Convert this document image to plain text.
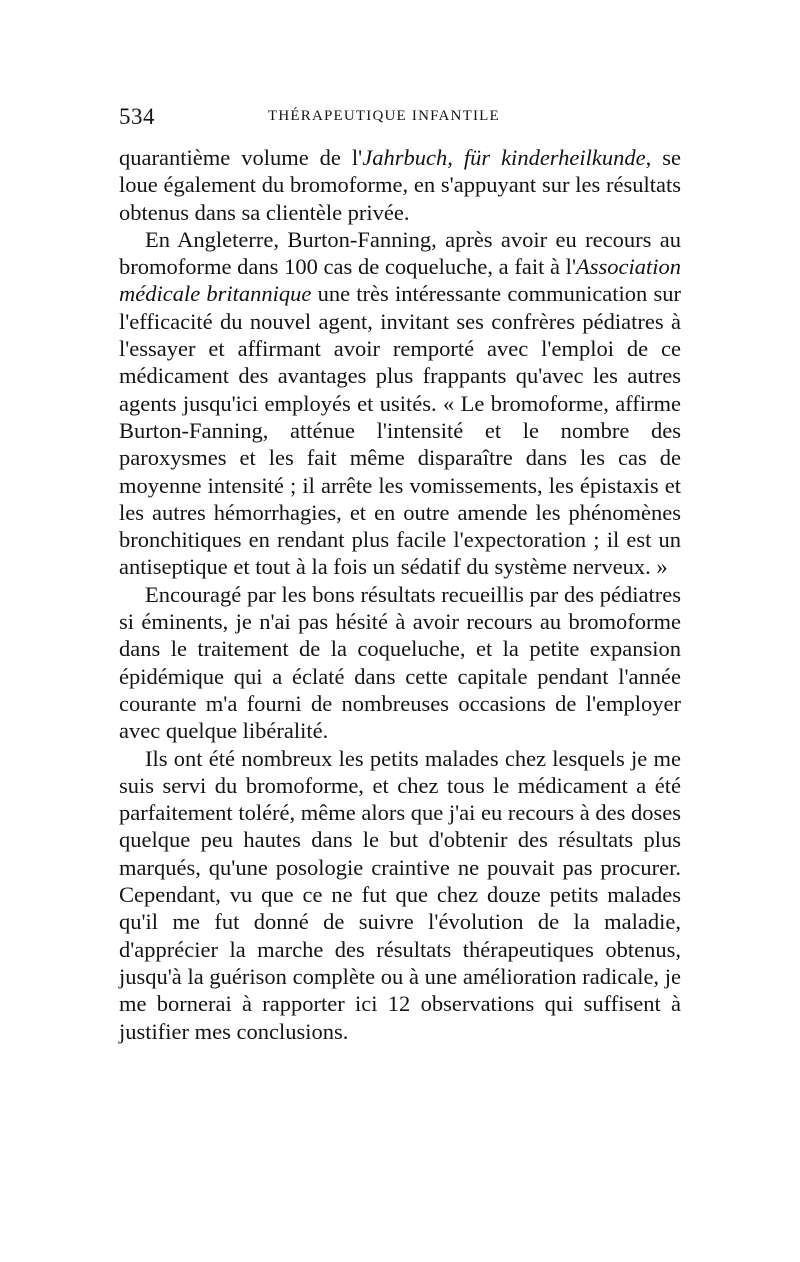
534	THÉRAPEUTIQUE INFANTILE

quarantième volume de l'Jahrbuch, für kinderheilkunde, se loue également du bromoforme, en s'appuyant sur les résultats obtenus dans sa clientèle privée.

En Angleterre, Burton-Fanning, après avoir eu recours au bromoforme dans 100 cas de coqueluche, a fait à l'Association médicale britannique une très intéressante communication sur l'efficacité du nouvel agent, invitant ses confrères pédiatres à l'essayer et affirmant avoir remporté avec l'emploi de ce médicament des avantages plus frappants qu'avec les autres agents jusqu'ici employés et usités. « Le bromoforme, affirme Burton-Fanning, atténue l'intensité et le nombre des paroxysmes et les fait même disparaître dans les cas de moyenne intensité ; il arrête les vomissements, les épistaxis et les autres hémorrhagies, et en outre amende les phénomènes bronchitiques en rendant plus facile l'expectoration ; il est un antiseptique et tout à la fois un sédatif du système nerveux. »

Encouragé par les bons résultats recueillis par des pédiatres si éminents, je n'ai pas hésité à avoir recours au bromoforme dans le traitement de la coqueluche, et la petite expansion épidémique qui a éclaté dans cette capitale pendant l'année courante m'a fourni de nombreuses occasions de l'employer avec quelque libéralité.

Ils ont été nombreux les petits malades chez lesquels je me suis servi du bromoforme, et chez tous le médicament a été parfaitement toléré, même alors que j'ai eu recours à des doses quelque peu hautes dans le but d'obtenir des résultats plus marqués, qu'une posologie craintive ne pouvait pas procurer. Cependant, vu que ce ne fut que chez douze petits malades qu'il me fut donné de suivre l'évolution de la maladie, d'apprécier la marche des résultats thérapeutiques obtenus, jusqu'à la guérison complète ou à une amélioration radicale, je me bornerai à rapporter ici 12 observations qui suffisent à justifier mes conclusions.
